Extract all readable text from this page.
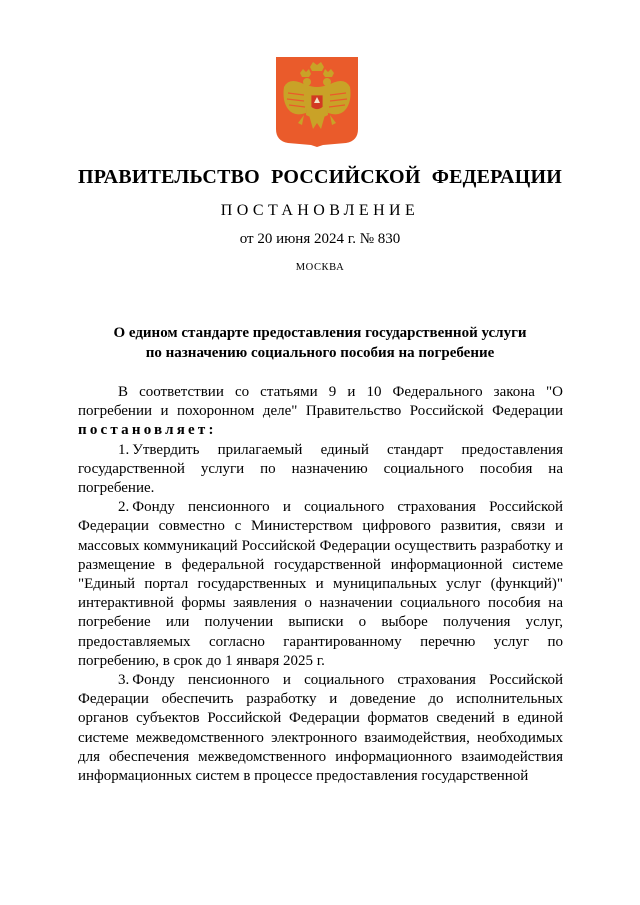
ПРАВИТЕЛЬСТВО РОССИЙСКОЙ ФЕДЕРАЦИИ
ПОСТАНОВЛЕНИЕ
от 20 июня 2024 г. № 830
МОСКВА
О едином стандарте предоставления государственной услуги
по назначению социального пособия на погребение

В соответствии со статьями 9 и 10 Федерального закона "О погребении и похоронном деле" Правительство Российской Федерации постановляет:

1. Утвердить прилагаемый единый стандарт предоставления государственной услуги по назначению социального пособия на погребение.

2. Фонду пенсионного и социального страхования Российской Федерации совместно с Министерством цифрового развития, связи и массовых коммуникаций Российской Федерации осуществить разработку и размещение в федеральной государственной информационной системе "Единый портал государственных и муниципальных услуг (функций)" интерактивной формы заявления о назначении социального пособия на погребение или получении выписки о выборе получения услуг, предоставляемых согласно гарантированному перечню услуг по погребению, в срок до 1 января 2025 г.

3. Фонду пенсионного и социального страхования Российской Федерации обеспечить разработку и доведение до исполнительных органов субъектов Российской Федерации форматов сведений в единой системе межведомственного электронного взаимодействия, необходимых для обеспечения межведомственного информационного взаимодействия информационных систем в процессе предоставления государственной
